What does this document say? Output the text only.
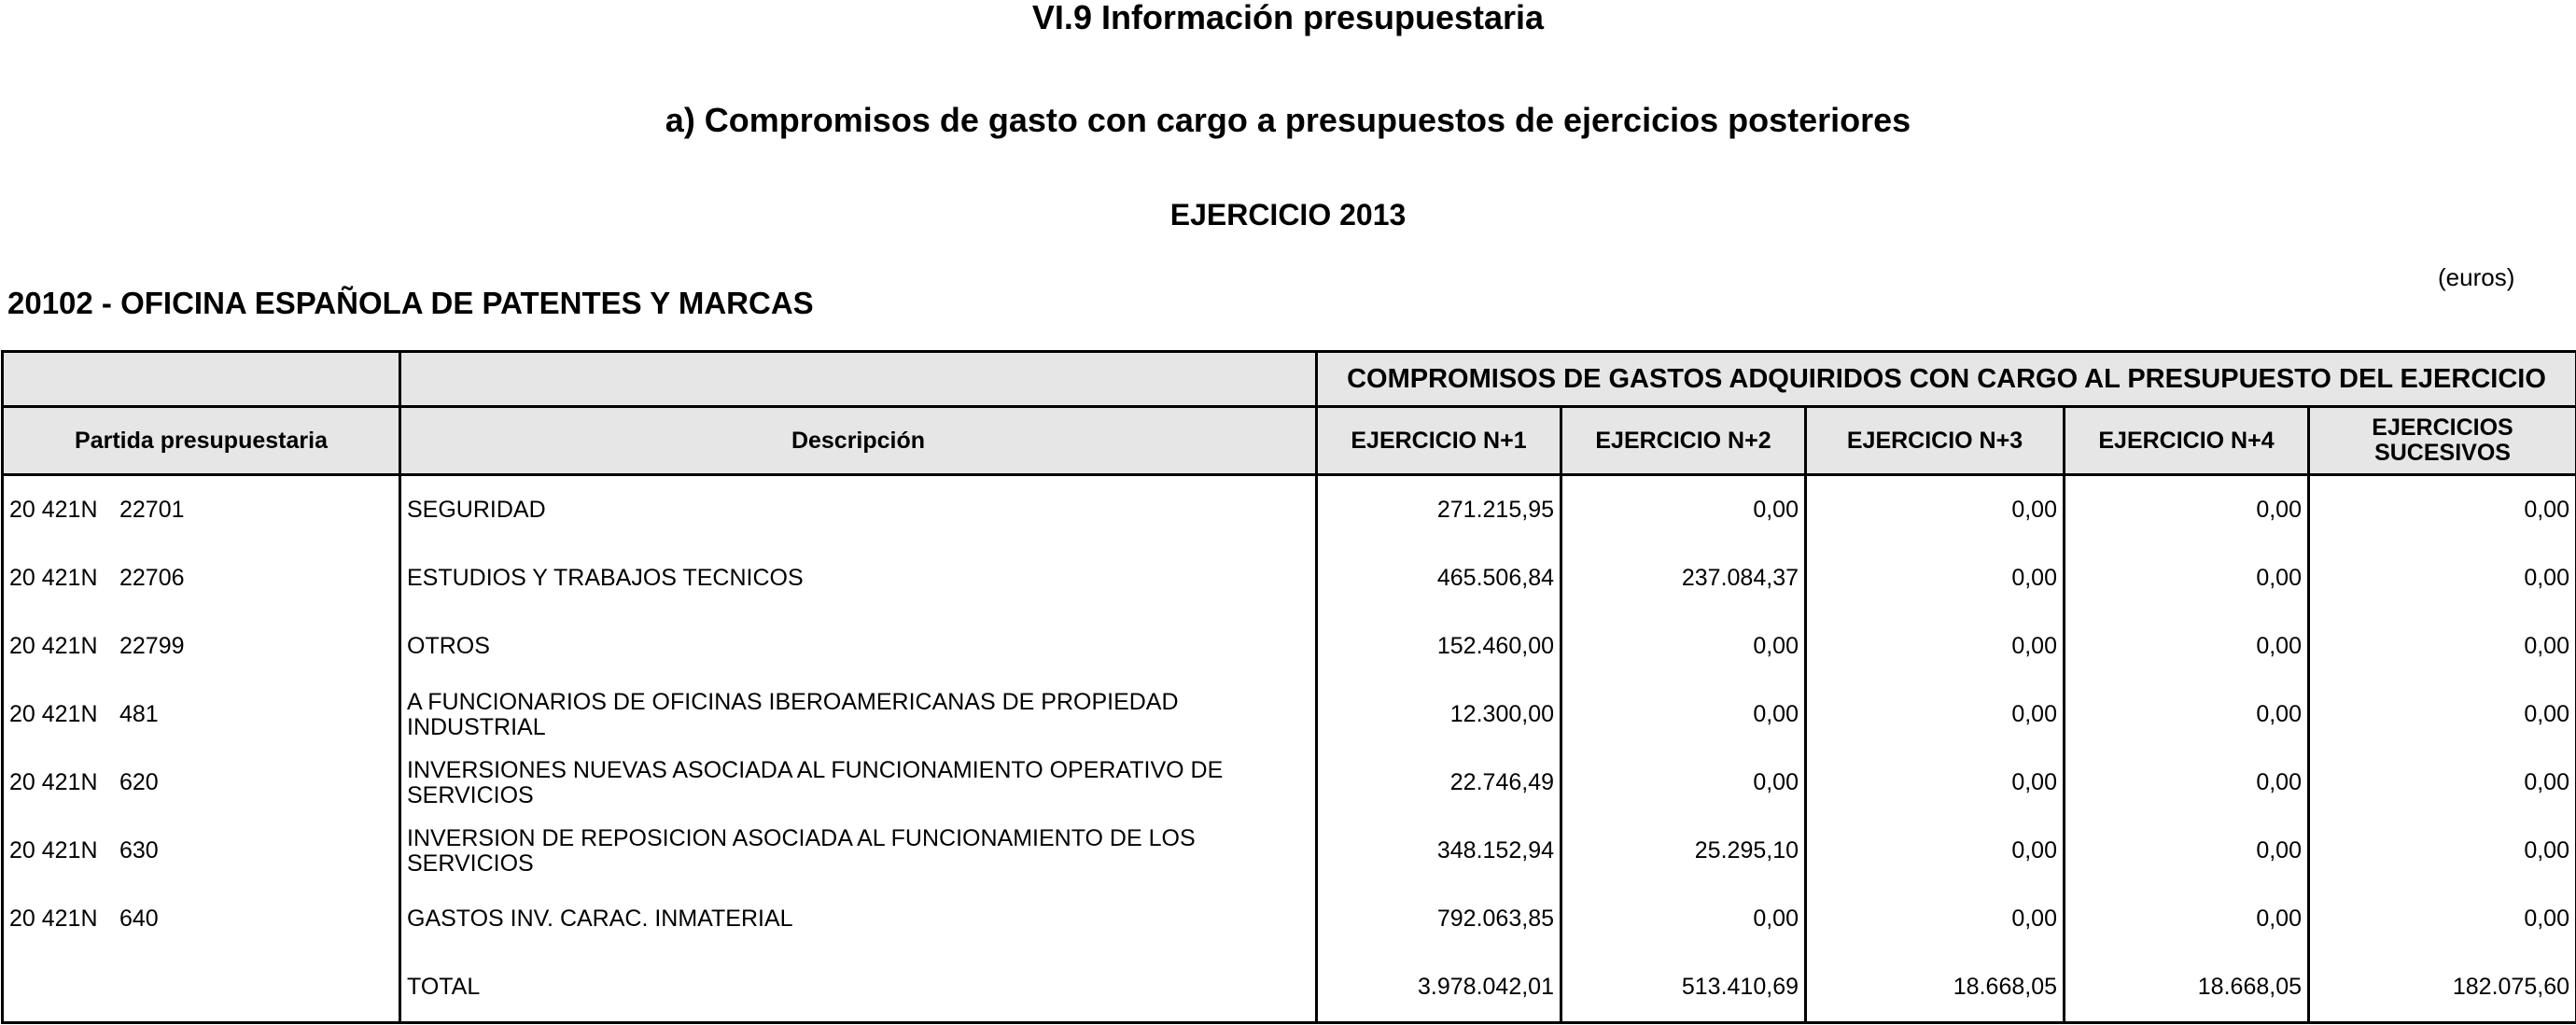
VI.9 Información presupuestaria
a) Compromisos de gasto con cargo a presupuestos de ejercicios posteriores
EJERCICIO 2013
(euros)
20102 - OFICINA ESPAÑOLA DE PATENTES Y MARCAS
		COMPROMISOS DE GASTOS ADQUIRIDOS CON CARGO AL PRESUPUESTO DEL EJERCICIO				
Partida presupuestaria	Descripción	EJERCICIO N+1	EJERCICIO N+2	EJERCICIO N+3	EJERCICIO N+4	EJERCICIOS SUCESIVOS
20 421N 22701	SEGURIDAD	271.215,95	0,00	0,00	0,00	0,00
20 421N 22706	ESTUDIOS Y TRABAJOS TECNICOS	465.506,84	237.084,37	0,00	0,00	0,00
20 421N 22799	OTROS	152.460,00	0,00	0,00	0,00	0,00
20 421N 481	A FUNCIONARIOS DE OFICINAS IBEROAMERICANAS DE PROPIEDAD INDUSTRIAL	12.300,00	0,00	0,00	0,00	0,00
20 421N 620	INVERSIONES NUEVAS ASOCIADA AL FUNCIONAMIENTO OPERATIVO DE SERVICIOS	22.746,49	0,00	0,00	0,00	0,00
20 421N 630	INVERSION DE REPOSICION ASOCIADA AL FUNCIONAMIENTO DE LOS SERVICIOS	348.152,94	25.295,10	0,00	0,00	0,00
20 421N 640	GASTOS INV. CARAC. INMATERIAL	792.063,85	0,00	0,00	0,00	0,00
	TOTAL	3.978.042,01	513.410,69	18.668,05	18.668,05	182.075,60
